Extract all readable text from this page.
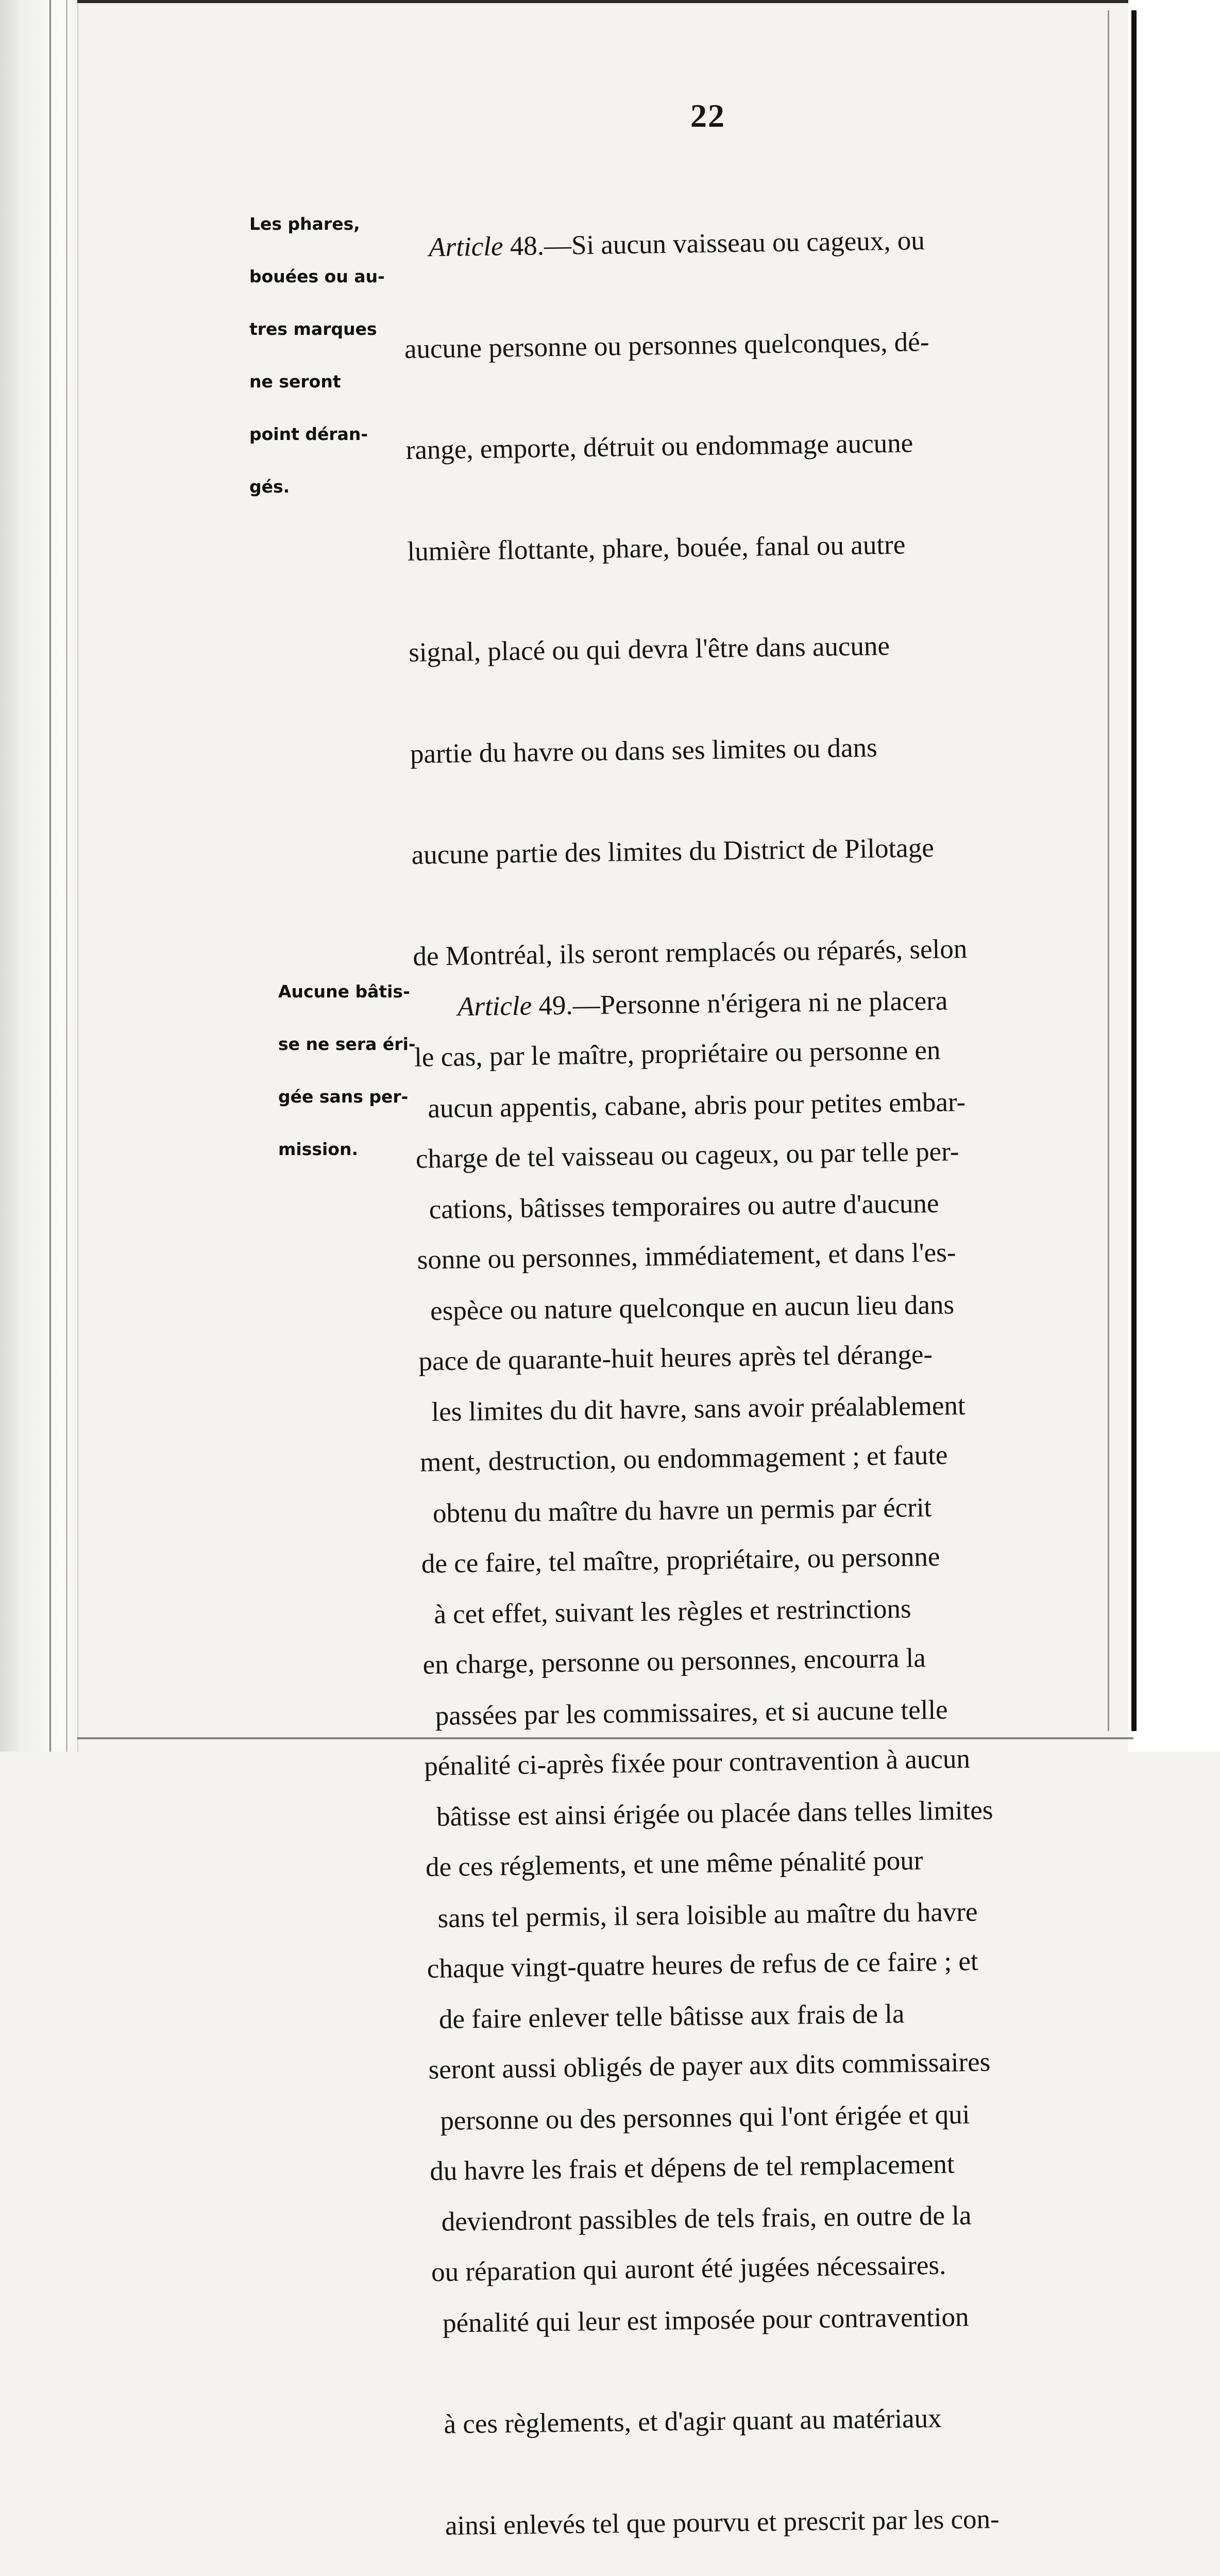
22

Les phares,

bouées ou au-

tres marques

ne seront

point déran-

gés.

Aucune bâtis-

se ne sera éri-

gée sans per-

mission.

Article 48.—Si aucun vaisseau ou cageux, ou

aucune personne ou personnes quelconques, dé-

range, emporte, détruit ou endommage aucune

lumière flottante, phare, bouée, fanal ou autre

signal, placé ou qui devra l'être dans aucune

partie du havre ou dans ses limites ou dans

aucune partie des limites du District de Pilotage

de Montréal, ils seront remplacés ou réparés, selon

le cas, par le maître, propriétaire ou personne en

charge de tel vaisseau ou cageux, ou par telle per-

sonne ou personnes, immédiatement, et dans l'es-

pace de quarante-huit heures après tel dérange-

ment, destruction, ou endommagement ; et faute

de ce faire, tel maître, propriétaire, ou personne

en charge, personne ou personnes, encourra la

pénalité ci-après fixée pour contravention à aucun

de ces réglements, et une même pénalité pour

chaque vingt-quatre heures de refus de ce faire ; et

seront aussi obligés de payer aux dits commissaires

du havre les frais et dépens de tel remplacement

ou réparation qui auront été jugées nécessaires.

Article 49.—Personne n'érigera ni ne placera

aucun appentis, cabane, abris pour petites embar-

cations, bâtisses temporaires ou autre d'aucune

espèce ou nature quelconque en aucun lieu dans

les limites du dit havre, sans avoir préalablement

obtenu du maître du havre un permis par écrit

à cet effet, suivant les règles et restrinctions

passées par les commissaires, et si aucune telle

bâtisse est ainsi érigée ou placée dans telles limites

sans tel permis, il sera loisible au maître du havre

de faire enlever telle bâtisse aux frais de la

personne ou des personnes qui l'ont érigée et qui

deviendront passibles de tels frais, en outre de la

pénalité qui leur est imposée pour contravention

à ces règlements, et d'agir quant au matériaux

ainsi enlevés tel que pourvu et prescrit par les con-
